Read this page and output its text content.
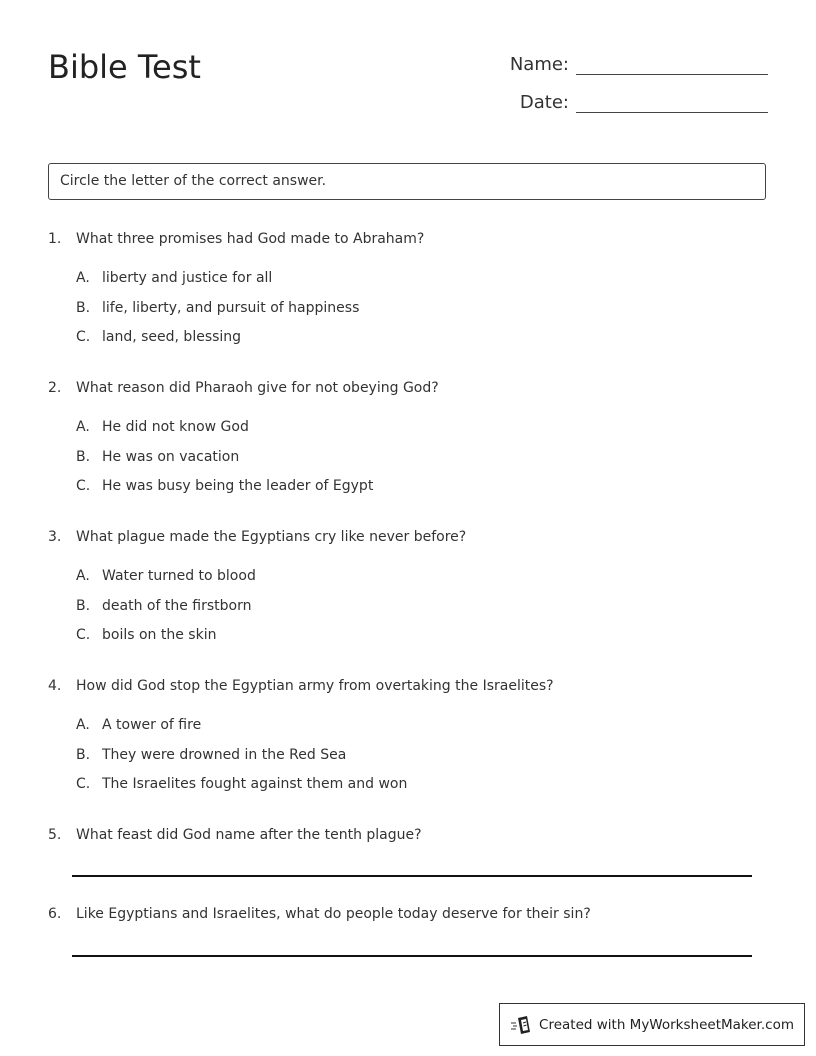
Bible Test	Name:
Date:
Circle the letter of the correct answer.
1.	What three promises had God made to Abraham?
A. liberty and justice for all
B. life, liberty, and pursuit of happiness
C. land, seed, blessing
2.	What reason did Pharaoh give for not obeying God?
A. He did not know God
B. He was on vacation
C. He was busy being the leader of Egypt
3.	What plague made the Egyptians cry like never before?
A. Water turned to blood
B. death of the firstborn
C. boils on the skin
4.	How did God stop the Egyptian army from overtaking the Israelites?
A. A tower of fire
B. They were drowned in the Red Sea
C. The Israelites fought against them and won
5.	What feast did God name after the tenth plague?
6.	Like Egyptians and Israelites, what do people today deserve for their sin?
Created with MyWorksheetMaker.com
